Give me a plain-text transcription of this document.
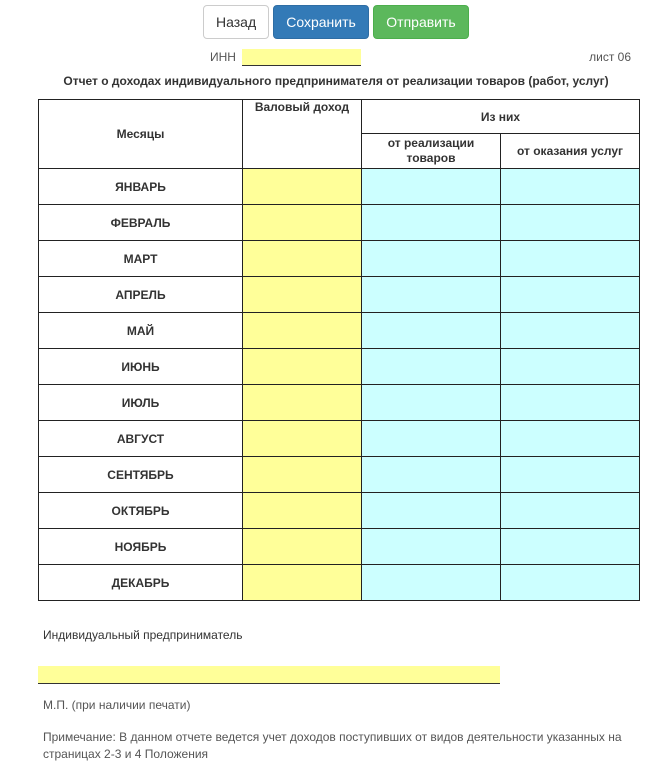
Назад Сохранить Отправить
ИНН	лист 06
Отчет о доходах индивидуального предпринимателя от реализации товаров (работ, услуг)
Месяцы	Валовый доход	Из них	
		от реализации товаров	от оказания услуг
ЯНВАРЬ			
ФЕВРАЛЬ			
МАРТ			
АПРЕЛЬ			
МАЙ			
ИЮНЬ			
ИЮЛЬ			
АВГУСТ			
СЕНТЯБРЬ			
ОКТЯБРЬ			
НОЯБРЬ			
ДЕКАБРЬ			
Индивидуальный предприниматель
М.П. (при наличии печати)
Примечание: В данном отчете ведется учет доходов поступивших от видов деятельности указанных на страницах 2-3 и 4 Положения
